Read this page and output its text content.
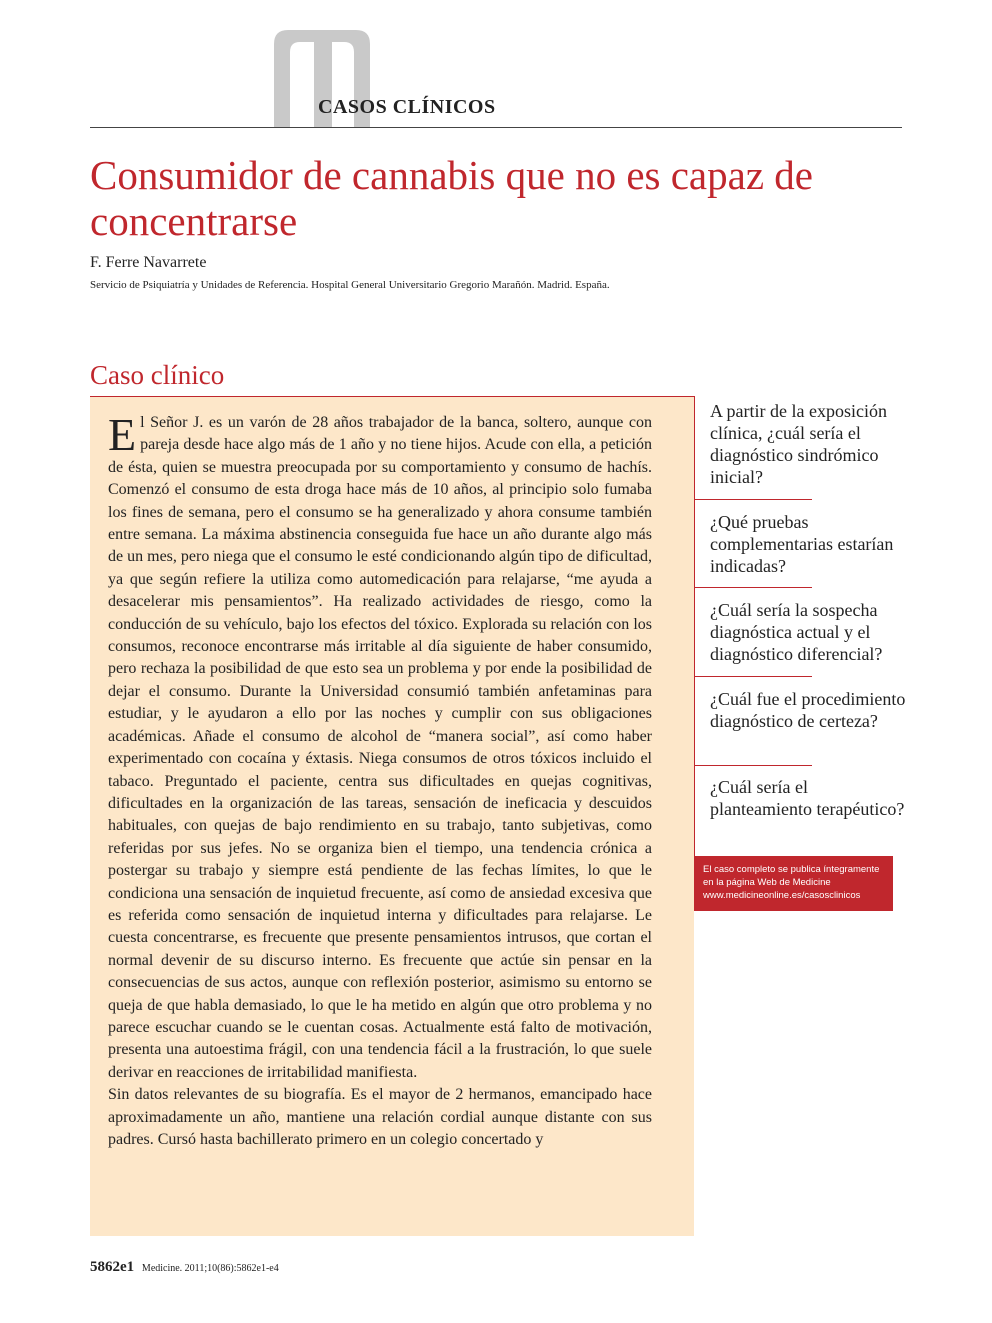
CASOS CLÍNICOS
Consumidor de cannabis que no es capaz de concentrarse
F. Ferre Navarrete
Servicio de Psiquiatría y Unidades de Referencia. Hospital General Universitario Gregorio Marañón. Madrid. España.
Caso clínico

El Señor J. es un varón de 28 años trabajador de la banca, soltero, aunque con pareja desde hace algo más de 1 año y no tiene hijos. Acude con ella, a petición de ésta, quien se muestra preocupada por su comportamiento y consumo de hachís. Comenzó el consumo de esta droga hace más de 10 años, al principio solo fumaba los fines de semana, pero el consumo se ha generalizado y ahora consume también entre semana. La máxima abstinencia conseguida fue hace un año durante algo más de un mes, pero niega que el consumo le esté condicionando algún tipo de dificultad, ya que según refiere la utiliza como automedicación para relajarse, “me ayuda a desacelerar mis pensamientos”. Ha realizado actividades de riesgo, como la conducción de su vehículo, bajo los efectos del tóxico. Explorada su relación con los consumos, reconoce encontrarse más irritable al día siguiente de haber consumido, pero rechaza la posibilidad de que esto sea un problema y por ende la posibilidad de dejar el consumo. Durante la Universidad consumió también anfetaminas para estudiar, y le ayudaron a ello por las noches y cumplir con sus obligaciones académicas. Añade el consumo de alcohol de “manera social”, así como haber experimentado con cocaína y éxtasis. Niega consumos de otros tóxicos incluido el tabaco. Preguntado el paciente, centra sus dificultades en quejas cognitivas, dificultades en la organización de las tareas, sensación de ineficacia y descuidos habituales, con quejas de bajo rendimiento en su trabajo, tanto subjetivas, como referidas por sus jefes. No se organiza bien el tiempo, una tendencia crónica a postergar su trabajo y siempre está pendiente de las fechas límites, lo que le condiciona una sensación de inquietud frecuente, así como de ansiedad excesiva que es referida como sensación de inquietud interna y dificultades para relajarse. Le cuesta concentrarse, es frecuente que presente pensamientos intrusos, que cortan el normal devenir de su discurso interno. Es frecuente que actúe sin pensar en la consecuencias de sus actos, aunque con reflexión posterior, asimismo su entorno se queja de que habla demasiado, lo que le ha metido en algún que otro problema y no parece escuchar cuando se le cuentan cosas. Actualmente está falto de motivación, presenta una autoestima frágil, con una tendencia fácil a la frustración, lo que suele derivar en reacciones de irritabilidad manifiesta.

Sin datos relevantes de su biografía. Es el mayor de 2 hermanos, emancipado hace aproximadamente un año, mantiene una relación cordial aunque distante con sus padres. Cursó hasta bachillerato primero en un colegio concertado y

A partir de la exposición clínica, ¿cuál sería el diagnóstico sindrómico inicial?
¿Qué pruebas complementarias estarían indicadas?
¿Cuál sería la sospecha diagnóstica actual y el diagnóstico diferencial?
¿Cuál fue el procedimiento diagnóstico de certeza?
¿Cuál sería el planteamiento terapéutico?
El caso completo se publica íntegramente
en la página Web de Medicine
www.medicineonline.es/casosclinicos
5862e1 Medicine. 2011;10(86):5862e1-e4
